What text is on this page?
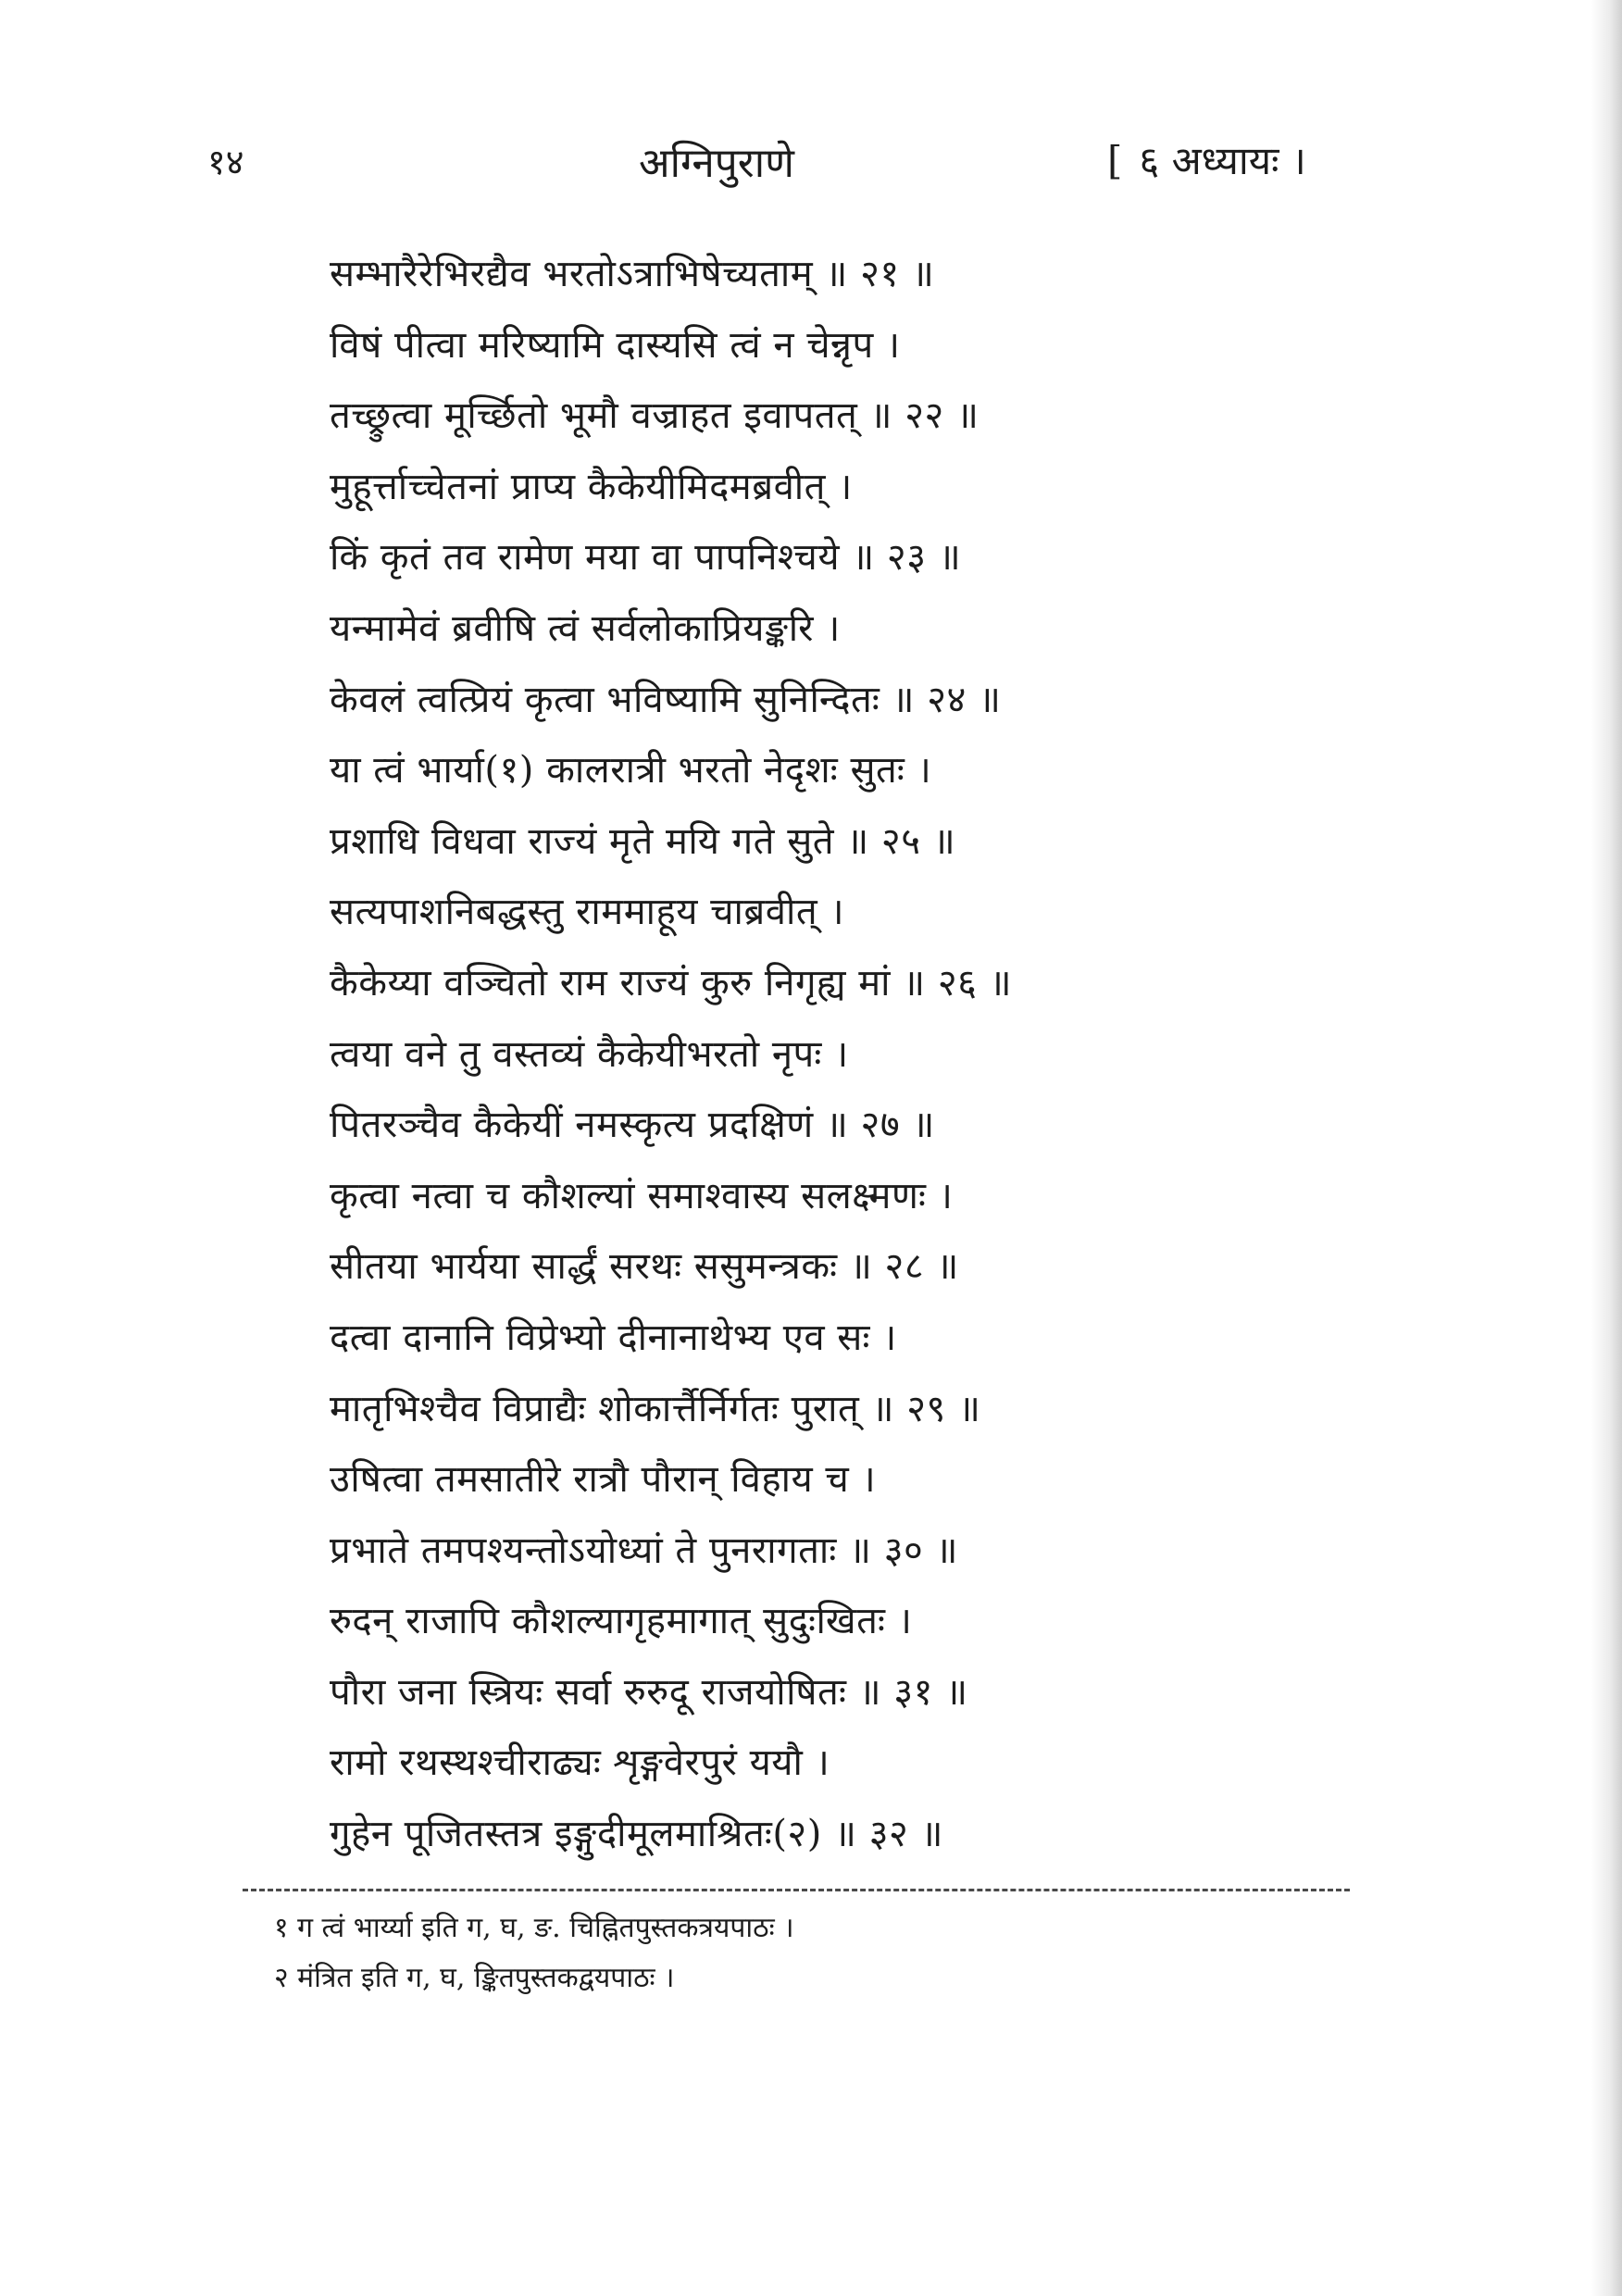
१४	अग्निपुराणे	[ ६ अध्यायः ।
सम्भारैरेभिरद्यैव भरतोऽत्राभिषेच्यताम् ॥ २१ ॥
विषं पीत्वा मरिष्यामि दास्यसि त्वं न चेन्नृप ।
तच्छ्रुत्वा मूर्च्छितो भूमौ वज्राहत इवापतत् ॥ २२ ॥
मुहूर्त्ताच्चेतनां प्राप्य कैकेयीमिदमब्रवीत् ।
किं कृतं तव रामेण मया वा पापनिश्चये ॥ २३ ॥
यन्मामेवं ब्रवीषि त्वं सर्वलोकाप्रियङ्करि ।
केवलं त्वत्प्रियं कृत्वा भविष्यामि सुनिन्दितः ॥ २४ ॥
या त्वं भार्या(१) कालरात्री भरतो नेदृशः सुतः ।
प्रशाधि विधवा राज्यं मृते मयि गते सुते ॥ २५ ॥
सत्यपाशनिबद्धस्तु राममाहूय चाब्रवीत् ।
कैकेय्या वञ्चितो राम राज्यं कुरु निगृह्य मां ॥ २६ ॥
त्वया वने तु वस्तव्यं कैकेयीभरतो नृपः ।
पितरञ्चैव कैकेयीं नमस्कृत्य प्रदक्षिणं ॥ २७ ॥
कृत्वा नत्वा च कौशल्यां समाश्वास्य सलक्ष्मणः ।
सीतया भार्यया सार्द्धं सरथः ससुमन्त्रकः ॥ २८ ॥
दत्वा दानानि विप्रेभ्यो दीनानाथेभ्य एव सः ।
मातृभिश्चैव विप्राद्यैः शोकार्त्तैर्निर्गतः पुरात् ॥ २९ ॥
उषित्वा तमसातीरे रात्रौ पौरान् विहाय च ।
प्रभाते तमपश्यन्तोऽयोध्यां ते पुनरागताः ॥ ३० ॥
रुदन् राजापि कौशल्यागृहमागात् सुदुःखितः ।
पौरा जना स्त्रियः सर्वा रुरुदू राजयोषितः ॥ ३१ ॥
रामो रथस्थश्चीराढ्यः शृङ्गवेरपुरं ययौ ।
गुहेन पूजितस्तत्र इङ्गुदीमूलमाश्रितः(२) ॥ ३२ ॥
१ ग त्वं भार्य्या इति ग, घ, ङ. चिह्नितपुस्तकत्रयपाठः ।
२ मंत्रित इति ग, घ, ङ्कितपुस्तकद्वयपाठः ।
